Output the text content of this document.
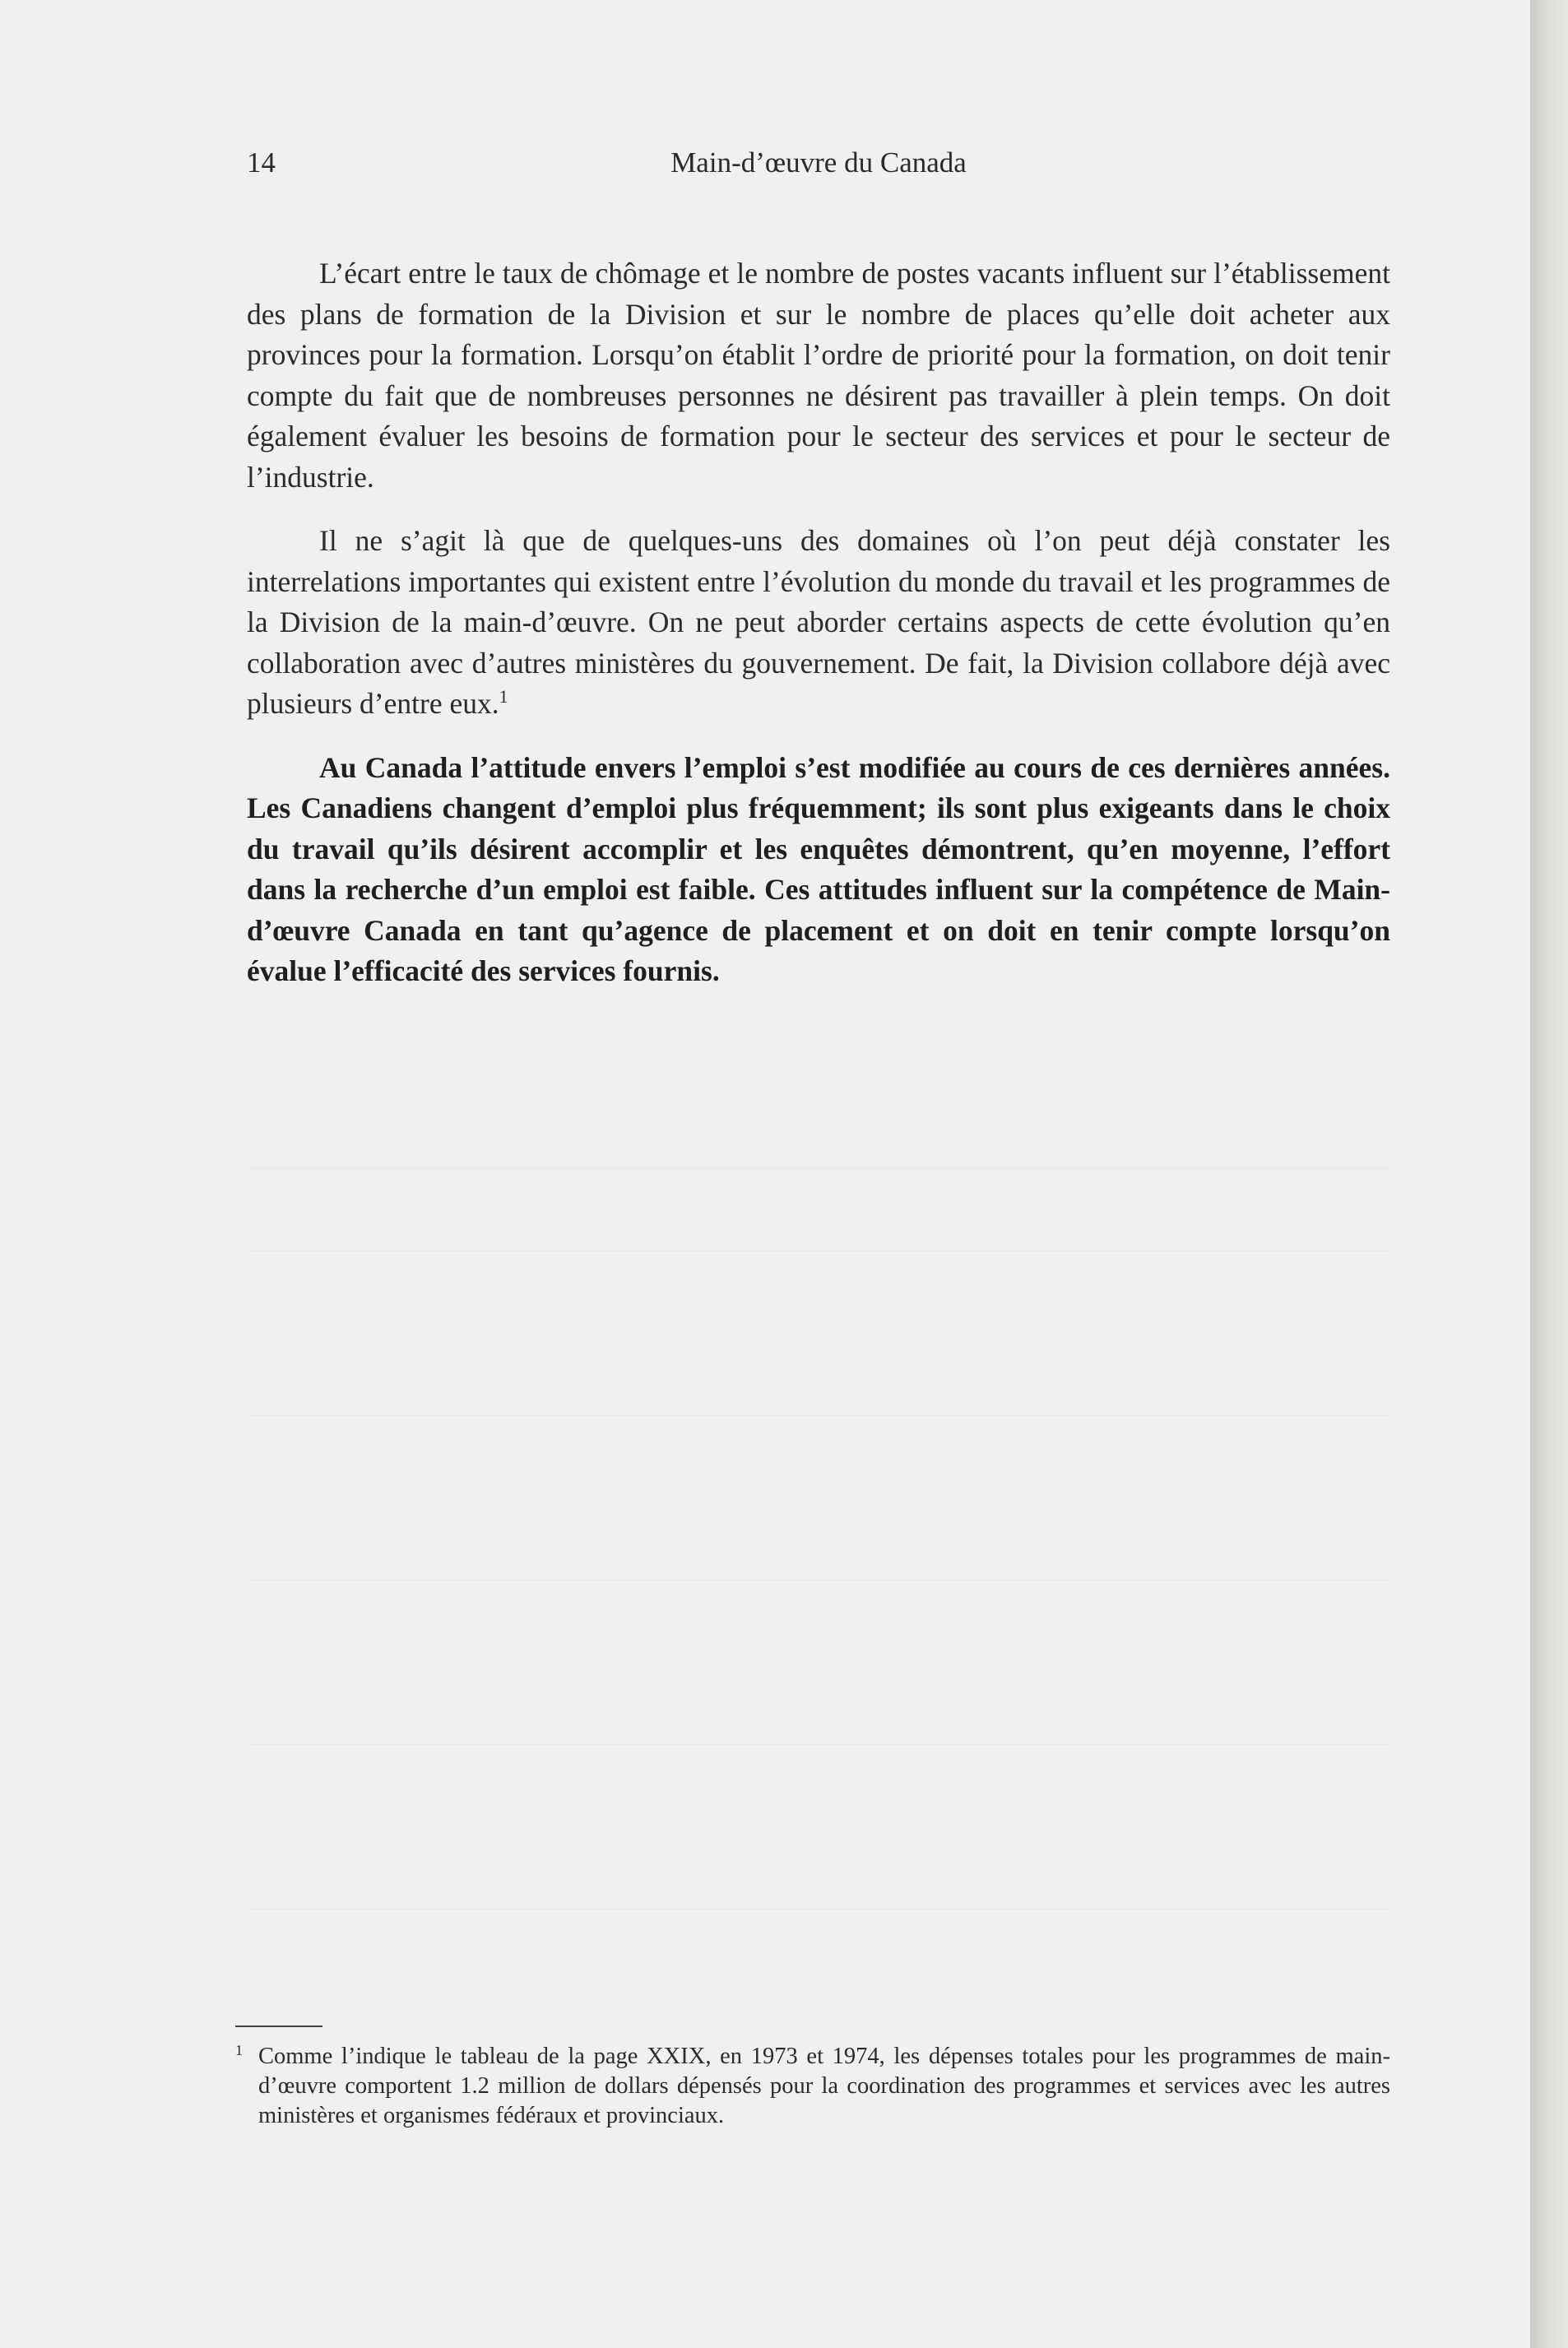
14	Main-d’œuvre du Canada

L’écart entre le taux de chômage et le nombre de postes vacants influent sur l’établissement des plans de formation de la Division et sur le nombre de places qu’elle doit acheter aux provinces pour la formation. Lorsqu’on établit l’ordre de priorité pour la formation, on doit tenir compte du fait que de nombreuses personnes ne désirent pas travailler à plein temps. On doit également évaluer les besoins de formation pour le secteur des services et pour le secteur de l’industrie.

Il ne s’agit là que de quelques-uns des domaines où l’on peut déjà constater les interrelations importantes qui existent entre l’évolution du monde du travail et les programmes de la Division de la main-d’œuvre. On ne peut aborder certains aspects de cette évolution qu’en collaboration avec d’autres ministères du gouvernement. De fait, la Division collabore déjà avec plusieurs d’entre eux.$^1$

Au Canada l’attitude envers l’emploi s’est modifiée au cours de ces dernières années. Les Canadiens changent d’emploi plus fréquemment; ils sont plus exigeants dans le choix du travail qu’ils désirent accomplir et les enquêtes démontrent, qu’en moyenne, l’effort dans la recherche d’un emploi est faible. Ces attitudes influent sur la compétence de Main-d’œuvre Canada en tant qu’agence de placement et on doit en tenir compte lorsqu’on évalue l’efficacité des services fournis.

1 Comme l’indique le tableau de la page XXIX, en 1973 et 1974, les dépenses totales pour les programmes de main-d’œuvre comportent 1.2 million de dollars dépensés pour la coordination des programmes et services avec les autres ministères et organismes fédéraux et provinciaux.
